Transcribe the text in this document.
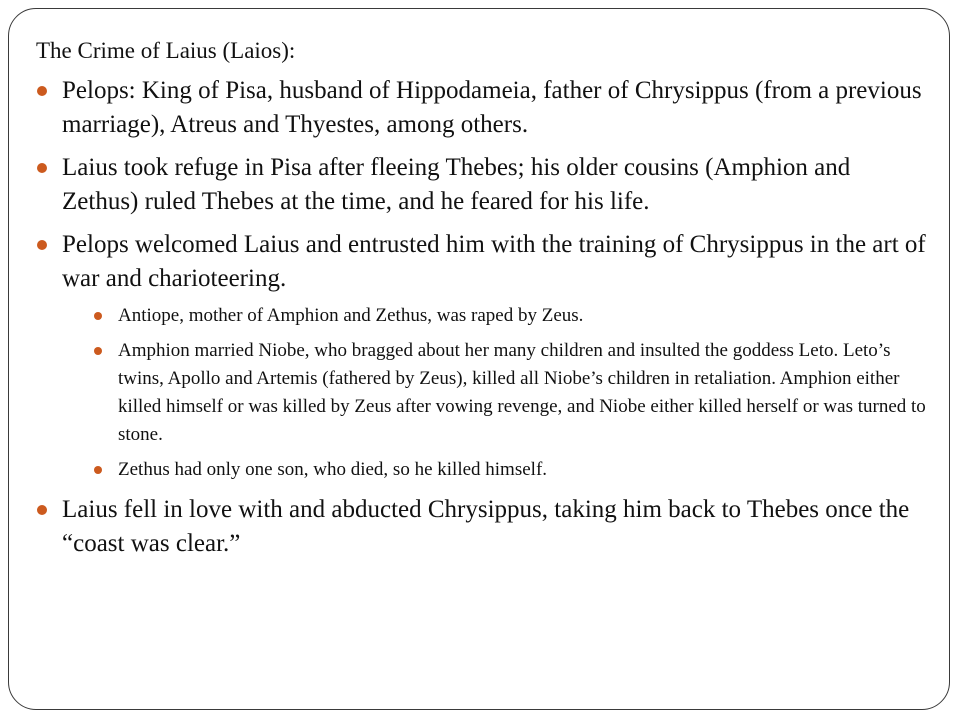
The Crime of Laius (Laios):
Pelops: King of Pisa, husband of Hippodameia, father of Chrysippus (from a previous marriage), Atreus and Thyestes, among others.
Laius took refuge in Pisa after fleeing Thebes; his older cousins (Amphion and Zethus) ruled Thebes at the time, and he feared for his life.
Pelops welcomed Laius and entrusted him with the training of Chrysippus in the art of war and charioteering.
Antiope, mother of Amphion and Zethus, was raped by Zeus.
Amphion married Niobe, who bragged about her many children and insulted the goddess Leto. Leto’s twins, Apollo and Artemis (fathered by Zeus), killed all Niobe’s children in retaliation. Amphion either killed himself or was killed by Zeus after vowing revenge, and Niobe either killed herself or was turned to stone.
Zethus had only one son, who died, so he killed himself.
Laius fell in love with and abducted Chrysippus, taking him back to Thebes once the “coast was clear.”
